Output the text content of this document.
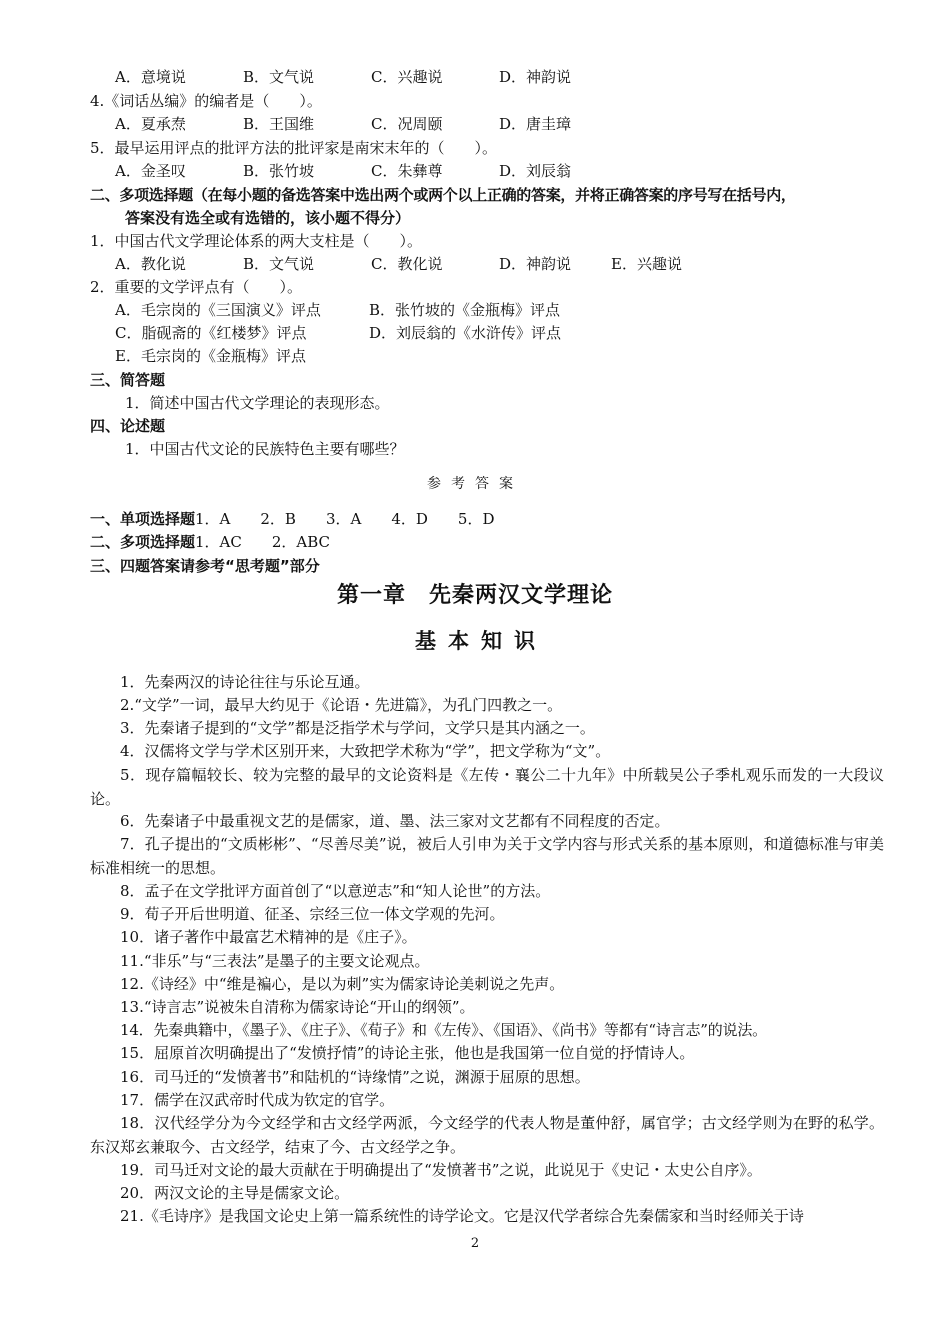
A．意境说	B．文气说	C．兴趣说	D．神韵说
4.《词话丛编》的编者是（　　）。
A．夏承焘	B．王国维	C．况周颐	D．唐圭璋
5．最早运用评点的批评方法的批评家是南宋末年的（　　）。
A．金圣叹	B．张竹坡	C．朱彝尊	D．刘辰翁
二、多项选择题（在每小题的备选答案中选出两个或两个以上正确的答案，并将正确答案的序号写在括号内，
答案没有选全或有选错的，该小题不得分）
1．中国古代文学理论体系的两大支柱是（　　）。
A．教化说	B．文气说	C．教化说	D．神韵说	E．兴趣说
2．重要的文学评点有（　　）。
A．毛宗岗的《三国演义》评点	B．张竹坡的《金瓶梅》评点
C．脂砚斋的《红楼梦》评点	D．刘辰翁的《水浒传》评点
E．毛宗岗的《金瓶梅》评点
三、简答题
1．简述中国古代文学理论的表现形态。
四、论述题
1．中国古代文论的民族特色主要有哪些？
参考答案
一、单项选择题1．A　　2．B　　3．A　　4．D　　5．D
二、多项选择题1．AC　　2．ABC
三、四题答案请参考“思考题”部分
第一章　先秦两汉文学理论
基本知识
1．先秦两汉的诗论往往与乐论互通。
2.“文学”一词，最早大约见于《论语・先进篇》，为孔门四教之一。
3．先秦诸子提到的“文学”都是泛指学术与学问，文学只是其内涵之一。
4．汉儒将文学与学术区别开来，大致把学术称为“学”，把文学称为“文”。
5．现存篇幅较长、较为完整的最早的文论资料是《左传・襄公二十九年》中所载吴公子季札观乐而发的一大段议论。
6．先秦诸子中最重视文艺的是儒家，道、墨、法三家对文艺都有不同程度的否定。
7．孔子提出的“文质彬彬”、“尽善尽美”说，被后人引申为关于文学内容与形式关系的基本原则，和道德标准与审美标准相统一的思想。
8．孟子在文学批评方面首创了“以意逆志”和“知人论世”的方法。
9．荀子开后世明道、征圣、宗经三位一体文学观的先河。
10．诸子著作中最富艺术精神的是《庄子》。
11.“非乐”与“三表法”是墨子的主要文论观点。
12.《诗经》中“维是褊心，是以为刺”实为儒家诗论美刺说之先声。
13.“诗言志”说被朱自清称为儒家诗论“开山的纲领”。
14．先秦典籍中，《墨子》、《庄子》、《荀子》和《左传》、《国语》、《尚书》等都有“诗言志”的说法。
15．屈原首次明确提出了“发愤抒情”的诗论主张，他也是我国第一位自觉的抒情诗人。
16．司马迁的“发愤著书”和陆机的“诗缘情”之说，渊源于屈原的思想。
17．儒学在汉武帝时代成为钦定的官学。
18．汉代经学分为今文经学和古文经学两派，今文经学的代表人物是董仲舒，属官学；古文经学则为在野的私学。东汉郑玄兼取今、古文经学，结束了今、古文经学之争。
19．司马迁对文论的最大贡献在于明确提出了“发愤著书”之说，此说见于《史记・太史公自序》。
20．两汉文论的主导是儒家文论。
21.《毛诗序》是我国文论史上第一篇系统性的诗学论文。它是汉代学者综合先秦儒家和当时经师关于诗
2
